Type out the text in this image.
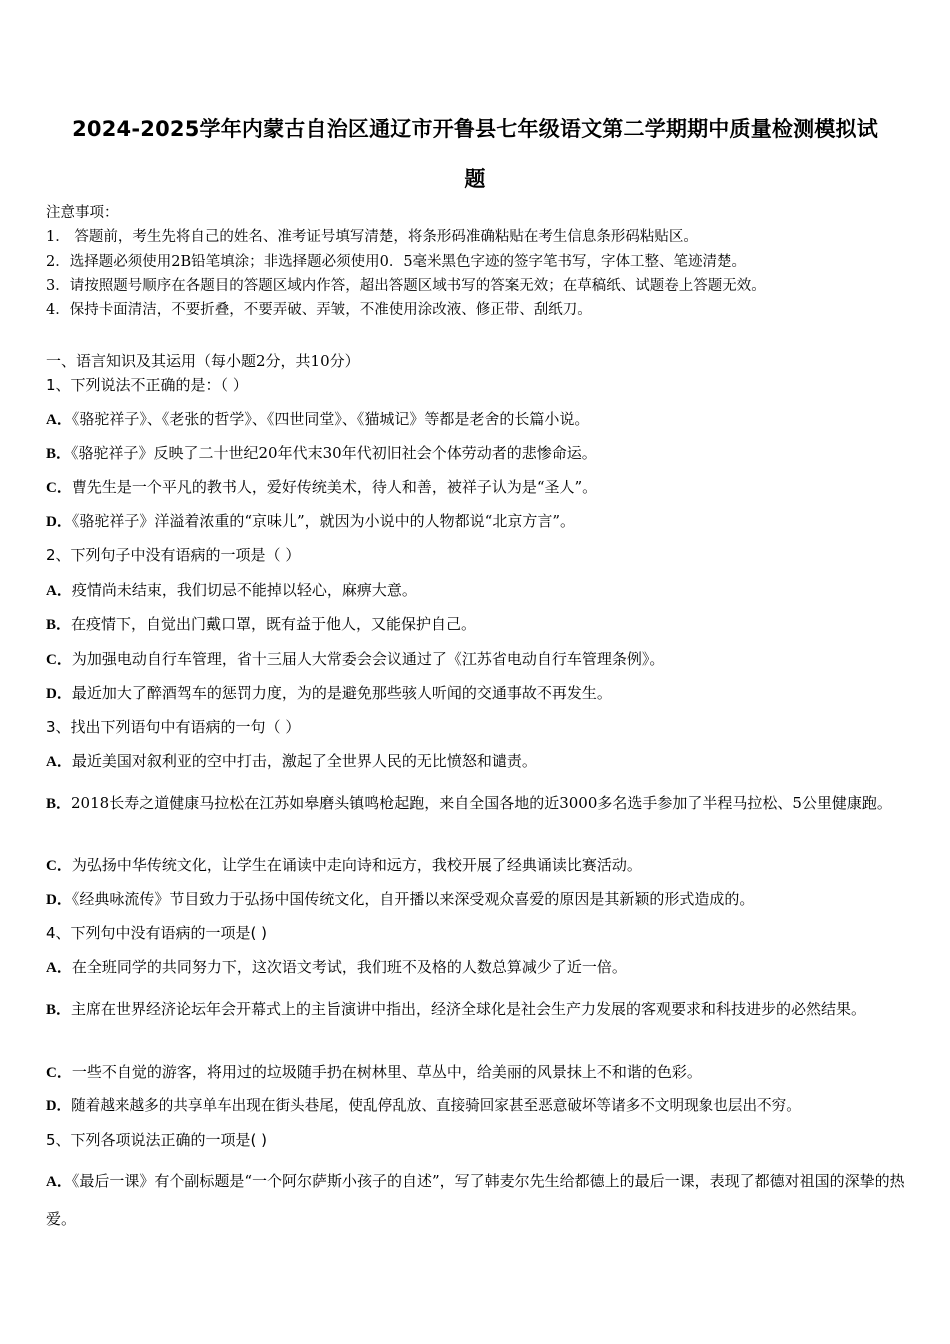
2024-2025学年内蒙古自治区通辽市开鲁县七年级语文第二学期期中质量检测模拟试
题
注意事项：
1． 答题前，考生先将自己的姓名、准考证号填写清楚，将条形码准确粘贴在考生信息条形码粘贴区。
2．选择题必须使用2B铅笔填涂；非选择题必须使用0．5毫米黑色字迹的签字笔书写，字体工整、笔迹清楚。
3．请按照题号顺序在各题目的答题区域内作答，超出答题区域书写的答案无效；在草稿纸、试题卷上答题无效。
4．保持卡面清洁，不要折叠，不要弄破、弄皱，不准使用涂改液、修正带、刮纸刀。
一、语言知识及其运用（每小题2分，共10分）
1、下列说法不正确的是：（ ）
A．《骆驼祥子》、《老张的哲学》、《四世同堂》、《猫城记》等都是老舍的长篇小说。
B．《骆驼祥子》反映了二十世纪20年代末30年代初旧社会个体劳动者的悲惨命运。
C．曹先生是一个平凡的教书人，爱好传统美术，待人和善，被祥子认为是“圣人”。
D．《骆驼祥子》洋溢着浓重的“京味儿”，就因为小说中的人物都说“北京方言”。
2、下列句子中没有语病的一项是（ ）
A．疫情尚未结束，我们切忌不能掉以轻心，麻痹大意。
B．在疫情下，自觉出门戴口罩，既有益于他人，又能保护自己。
C．为加强电动自行车管理，省十三届人大常委会会议通过了《江苏省电动自行车管理条例》。
D．最近加大了醉酒驾车的惩罚力度，为的是避免那些骇人听闻的交通事故不再发生。
3、找出下列语句中有语病的一句（ ）
A．最近美国对叙利亚的空中打击，激起了全世界人民的无比愤怒和谴责。
B．2018长寿之道健康马拉松在江苏如皋磨头镇鸣枪起跑，来自全国各地的近3000多名选手参加了半程马拉松、5公里健康跑。
C．为弘扬中华传统文化，让学生在诵读中走向诗和远方，我校开展了经典诵读比赛活动。
D．《经典咏流传》节目致力于弘扬中国传统文化，自开播以来深受观众喜爱的原因是其新颖的形式造成的。
4、下列句中没有语病的一项是( )
A．在全班同学的共同努力下，这次语文考试，我们班不及格的人数总算减少了近一倍。
B．主席在世界经济论坛年会开幕式上的主旨演讲中指出，经济全球化是社会生产力发展的客观要求和科技进步的必然结果。
C．一些不自觉的游客，将用过的垃圾随手扔在树林里、草丛中，给美丽的风景抹上不和谐的色彩。
D．随着越来越多的共享单车出现在街头巷尾，使乱停乱放、直接骑回家甚至恶意破坏等诸多不文明现象也层出不穷。
5、下列各项说法正确的一项是( )
A．《最后一课》有个副标题是“一个阿尔萨斯小孩子的自述”，写了韩麦尔先生给都德上的最后一课，表现了都德对祖国的深挚的热爱。
